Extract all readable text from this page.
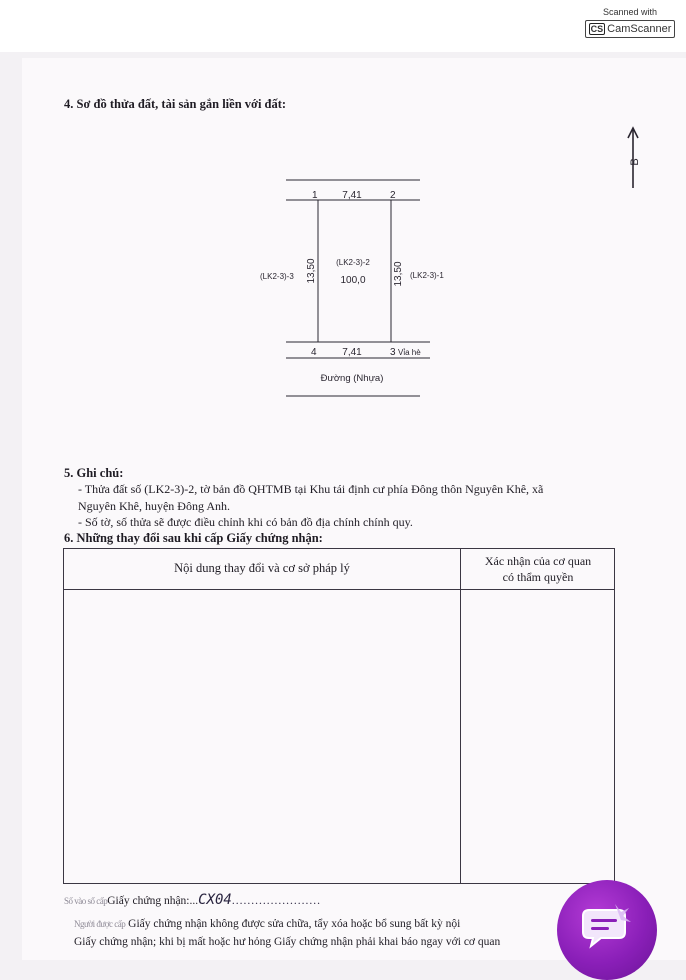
Scanned with
CS CamScanner
4. Sơ đồ thửa đất, tài sản gắn liền với đất:
B
1 7,41	2
(LK2-3)-3 13,50 (LK2-3)-2
100,0	13,50 (LK2-3)-1
4	7,41	3 Vỉa hè
Đường (Nhựa)
5. Ghi chú:
- Thửa đất số (LK2-3)-2, tờ bản đồ QHTMB tại Khu tái định cư phía Đông thôn Nguyên Khê, xã
Nguyên Khê, huyện Đông Anh.
- Số tờ, số thửa sẽ được điều chỉnh khi có bản đồ địa chính chính quy.
6. Những thay đổi sau khi cấp Giấy chứng nhận:
Nội dung thay đổi và cơ sở pháp lý	Xác nhận của cơ quan
có thẩm quyền
Số vào sổ cấpGiấy chứng nhận:...CX04.......................
Người được cấp Giấy chứng nhận không được sửa chữa, tẩy xóa hoặc bổ sung bất kỳ nội
Giấy chứng nhận; khi bị mất hoặc hư hỏng Giấy chứng nhận phải khai báo ngay với cơ quan
